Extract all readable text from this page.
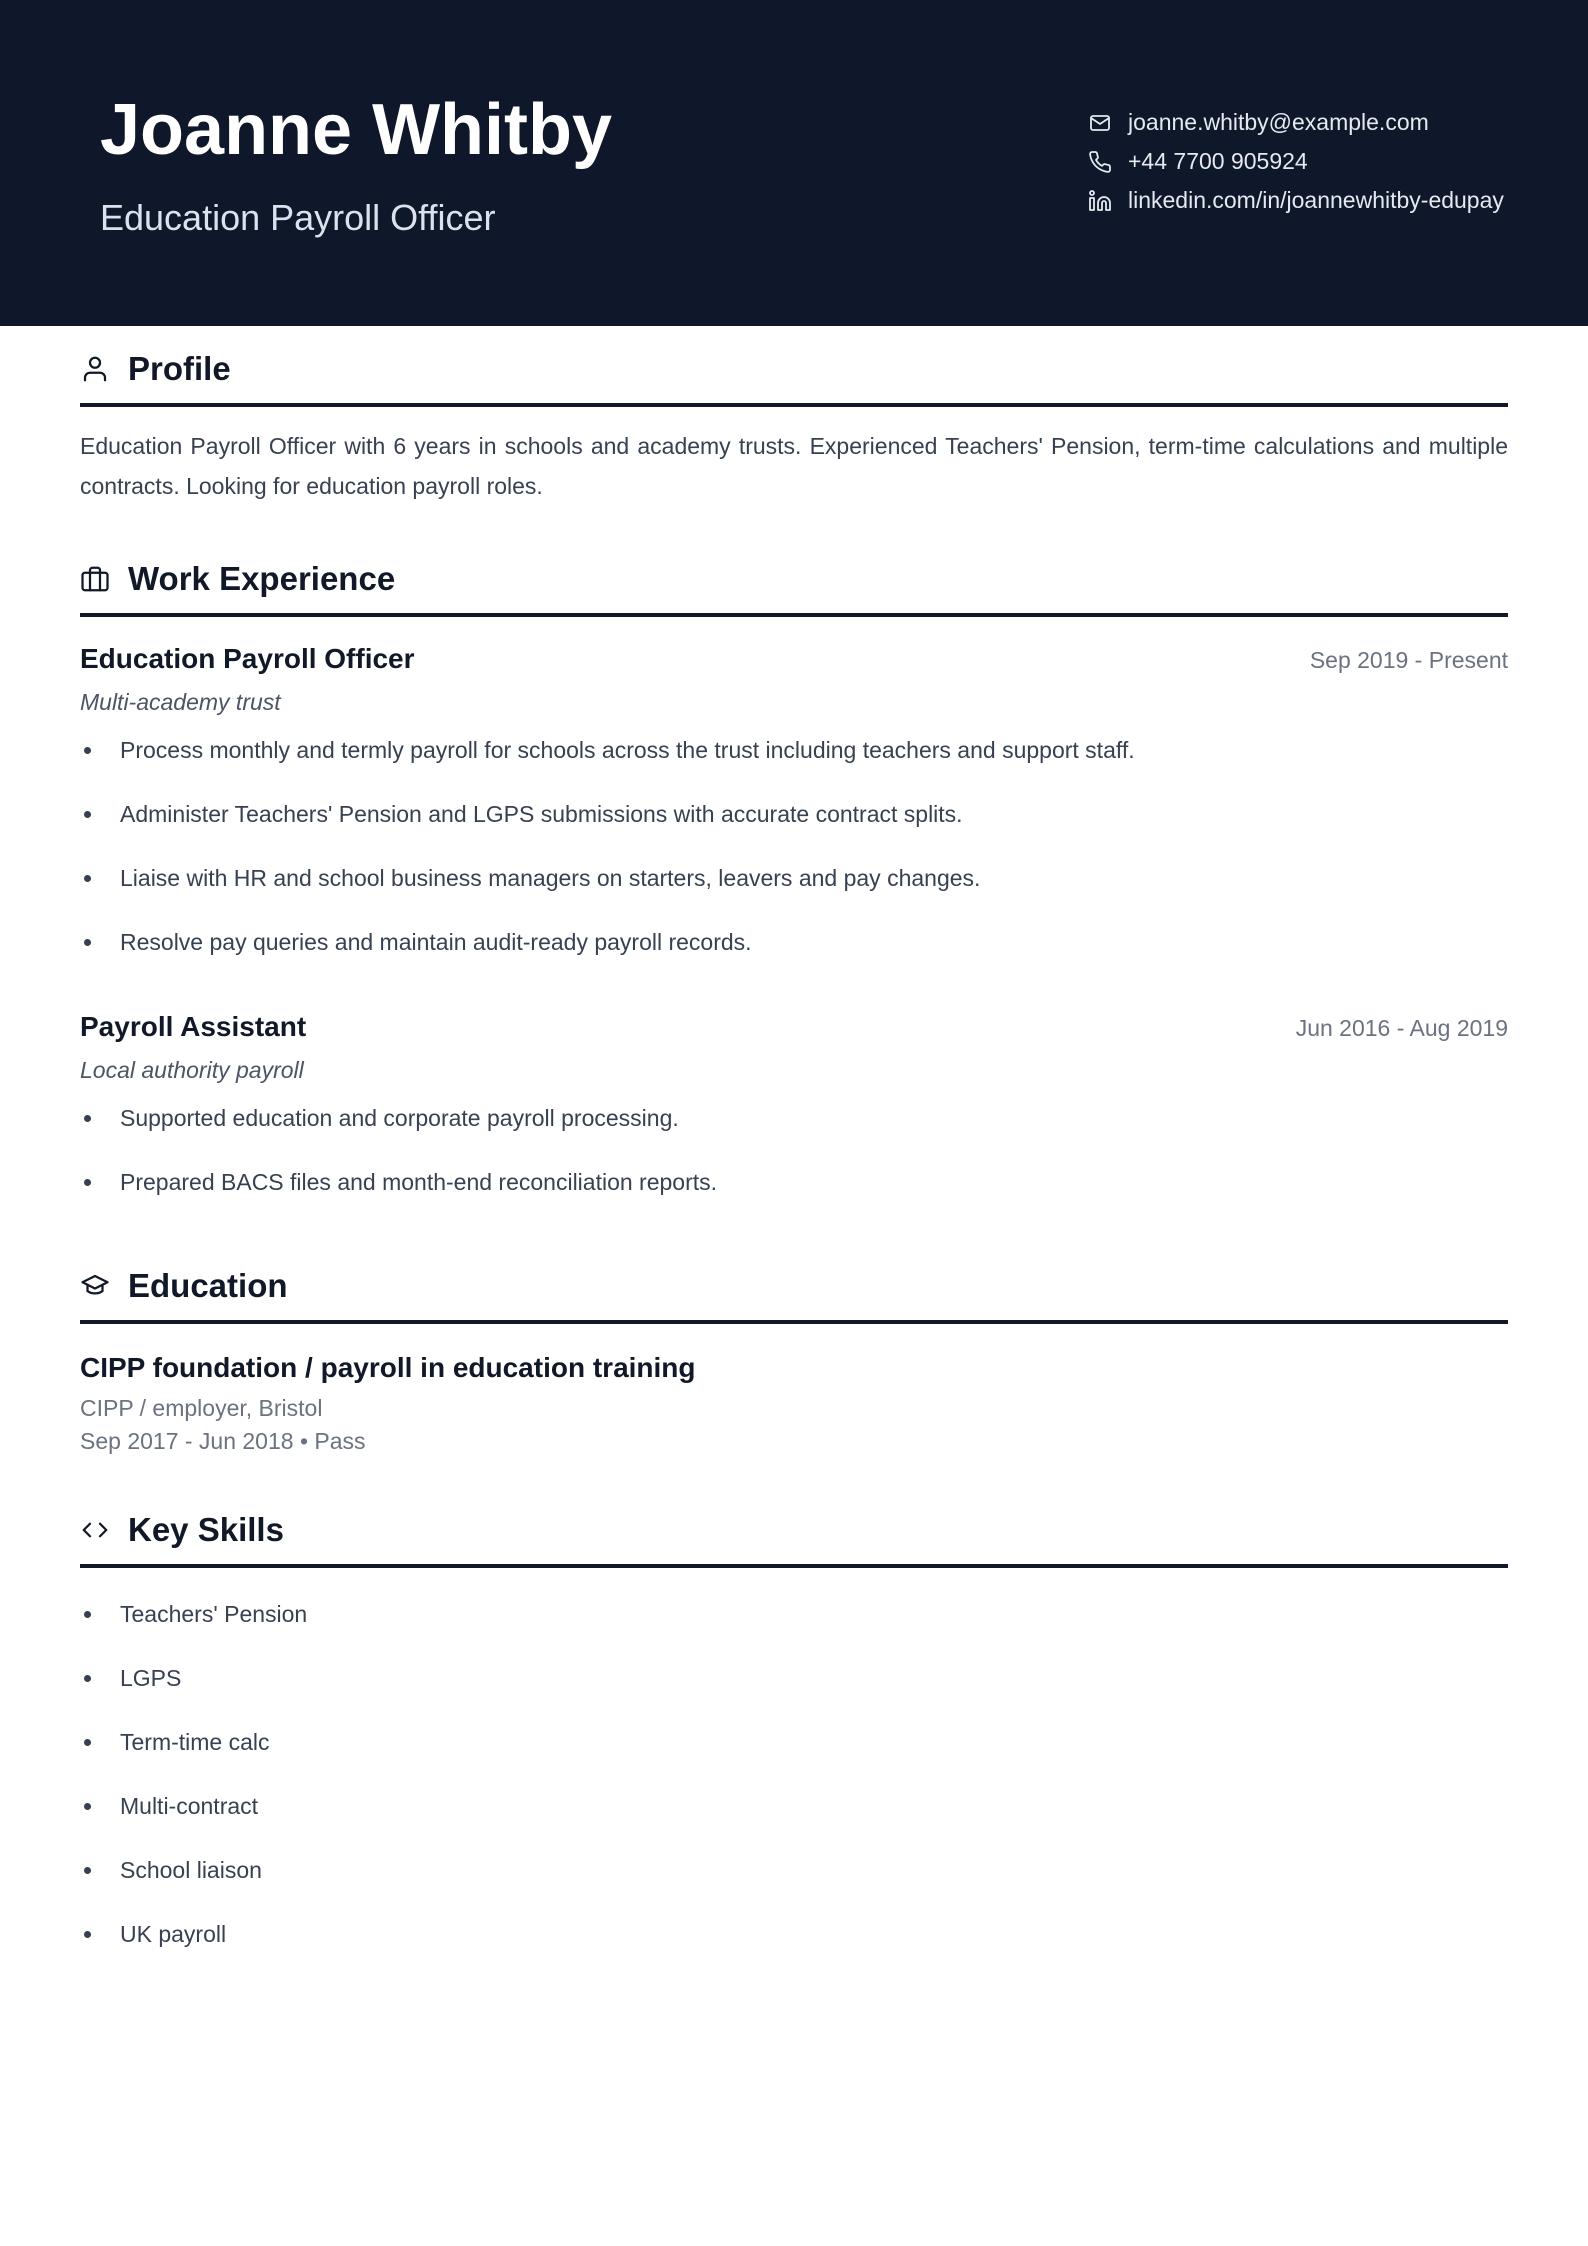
Joanne Whitby
Education Payroll Officer
joanne.whitby@example.com
+44 7700 905924
linkedin.com/in/joannewhitby-edupay
Profile

Education Payroll Officer with 6 years in schools and academy trusts. Experienced Teachers' Pension, term-time calculations and multiple contracts. Looking for education payroll roles.

Work Experience
Education Payroll Officer	Sep 2019 - Present
Multi-academy trust
Process monthly and termly payroll for schools across the trust including teachers and support staff.
Administer Teachers' Pension and LGPS submissions with accurate contract splits.
Liaise with HR and school business managers on starters, leavers and pay changes.
Resolve pay queries and maintain audit-ready payroll records.
Payroll Assistant	Jun 2016 - Aug 2019
Local authority payroll
Supported education and corporate payroll processing.
Prepared BACS files and month-end reconciliation reports.
Education
CIPP foundation / payroll in education training
CIPP / employer, Bristol
Sep 2017 - Jun 2018 • Pass
Key Skills
Teachers' Pension
LGPS
Term-time calc
Multi-contract
School liaison
UK payroll
